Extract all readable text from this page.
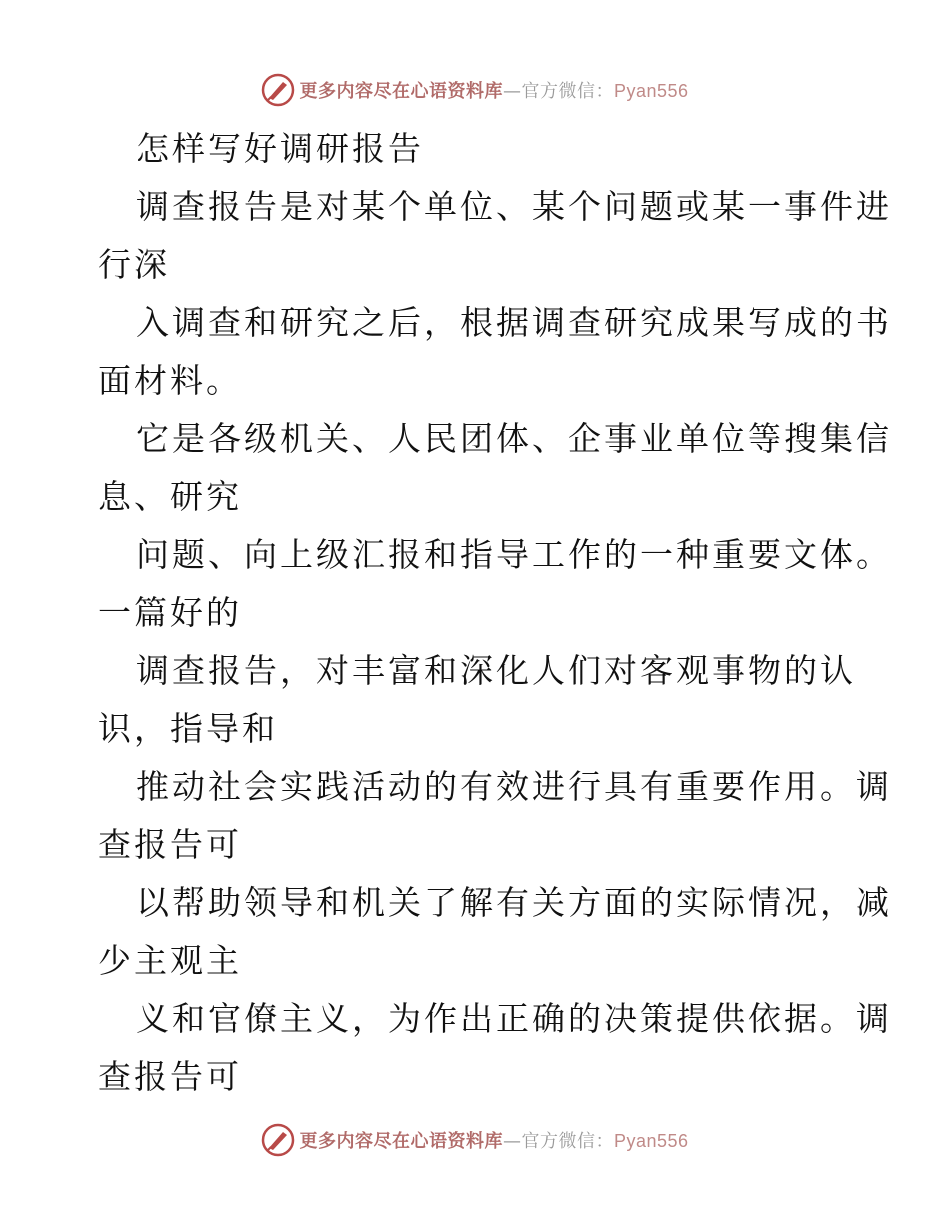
更多内容尽在心语资料库—官方微信：Pyan556
怎样写好调研报告
调查报告是对某个单位、某个问题或某一事件进
行深
入调查和研究之后，根据调查研究成果写成的书
面材料。
它是各级机关、人民团体、企事业单位等搜集信
息、研究
问题、向上级汇报和指导工作的一种重要文体。
一篇好的
调查报告，对丰富和深化人们对客观事物的认
识，指导和
推动社会实践活动的有效进行具有重要作用。调
查报告可
以帮助领导和机关了解有关方面的实际情况，减
少主观主
义和官僚主义，为作出正确的决策提供依据。调
查报告可
更多内容尽在心语资料库—官方微信：Pyan556
